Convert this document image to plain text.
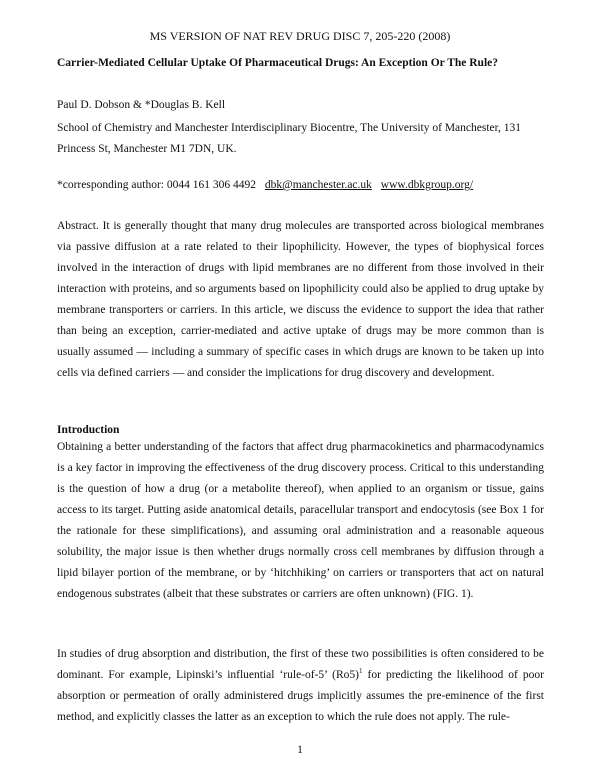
MS VERSION OF NAT REV DRUG DISC 7, 205-220 (2008)
Carrier-Mediated Cellular Uptake Of Pharmaceutical Drugs: An Exception Or The Rule?
Paul D. Dobson & *Douglas B. Kell
School of Chemistry and Manchester Interdisciplinary Biocentre, The University of Manchester, 131 Princess St, Manchester M1 7DN, UK.
*corresponding author: 0044 161 306 4492 dbk@manchester.ac.uk www.dbkgroup.org/
Abstract. It is generally thought that many drug molecules are transported across biological membranes via passive diffusion at a rate related to their lipophilicity. However, the types of biophysical forces involved in the interaction of drugs with lipid membranes are no different from those involved in their interaction with proteins, and so arguments based on lipophilicity could also be applied to drug uptake by membrane transporters or carriers. In this article, we discuss the evidence to support the idea that rather than being an exception, carrier-mediated and active uptake of drugs may be more common than is usually assumed — including a summary of specific cases in which drugs are known to be taken up into cells via defined carriers — and consider the implications for drug discovery and development.
Introduction
Obtaining a better understanding of the factors that affect drug pharmacokinetics and pharmacodynamics is a key factor in improving the effectiveness of the drug discovery process. Critical to this understanding is the question of how a drug (or a metabolite thereof), when applied to an organism or tissue, gains access to its target. Putting aside anatomical details, paracellular transport and endocytosis (see Box 1 for the rationale for these simplifications), and assuming oral administration and a reasonable aqueous solubility, the major issue is then whether drugs normally cross cell membranes by diffusion through a lipid bilayer portion of the membrane, or by ‘hitchhiking’ on carriers or transporters that act on natural endogenous substrates (albeit that these substrates or carriers are often unknown) (FIG. 1).
In studies of drug absorption and distribution, the first of these two possibilities is often considered to be dominant. For example, Lipinski’s influential ‘rule-of-5’ $(Ro5)^1$ for predicting the likelihood of poor absorption or permeation of orally administered drugs implicitly assumes the pre-eminence of the first method, and explicitly classes the latter as an exception to which the rule does not apply. The rule-
1
